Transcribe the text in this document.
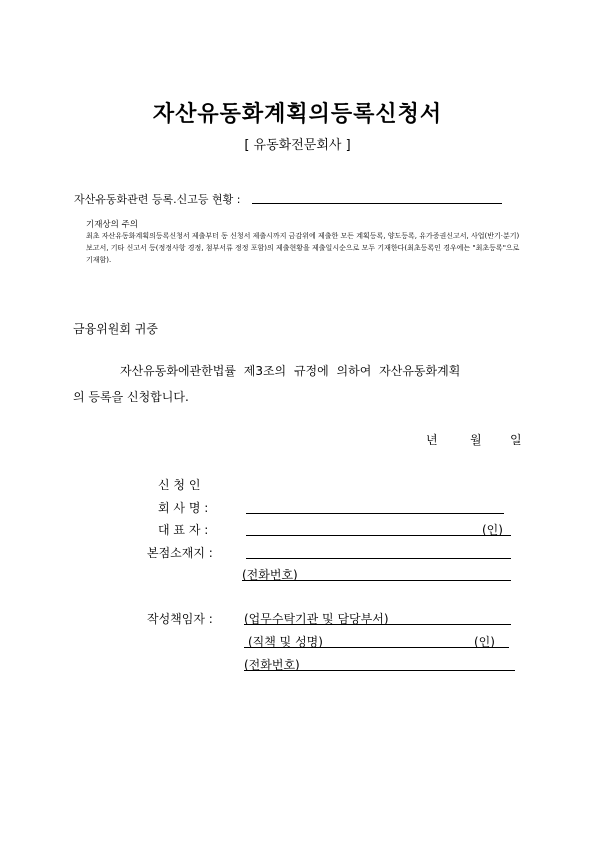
자산유동화계획의등록신청서
[ 유동화전문회사 ]
자산유동화관련 등록.신고등 현황 :
기재상의 주의
최초 자산유동화계획의등록신청서 제출부터 동 신청서 제출시까지 금감위에 제출한 모든 계획등록, 양도등록, 유가증권신고서, 사업(반기·분기)보고서, 기타 신고서 등(정정사항 경정, 첨부서류 정정 포함)의 제출현황을 제출일시순으로 모두 기재한다(최초등록인 경우에는 "최초등록"으로 기재함).
금융위원회 귀중
자산유동화에관한법률 제3조의 규정에 의하여 자산유동화계획
의 등록을 신청합니다.
년	월 일
신 청 인
회 사 명 :
대 표 자 :	(인)
본점소재지 :
(전화번호)
작성책임자 :	(업무수탁기관 및 담당부서)
(직책 및 성명)	(인)
(전화번호)
